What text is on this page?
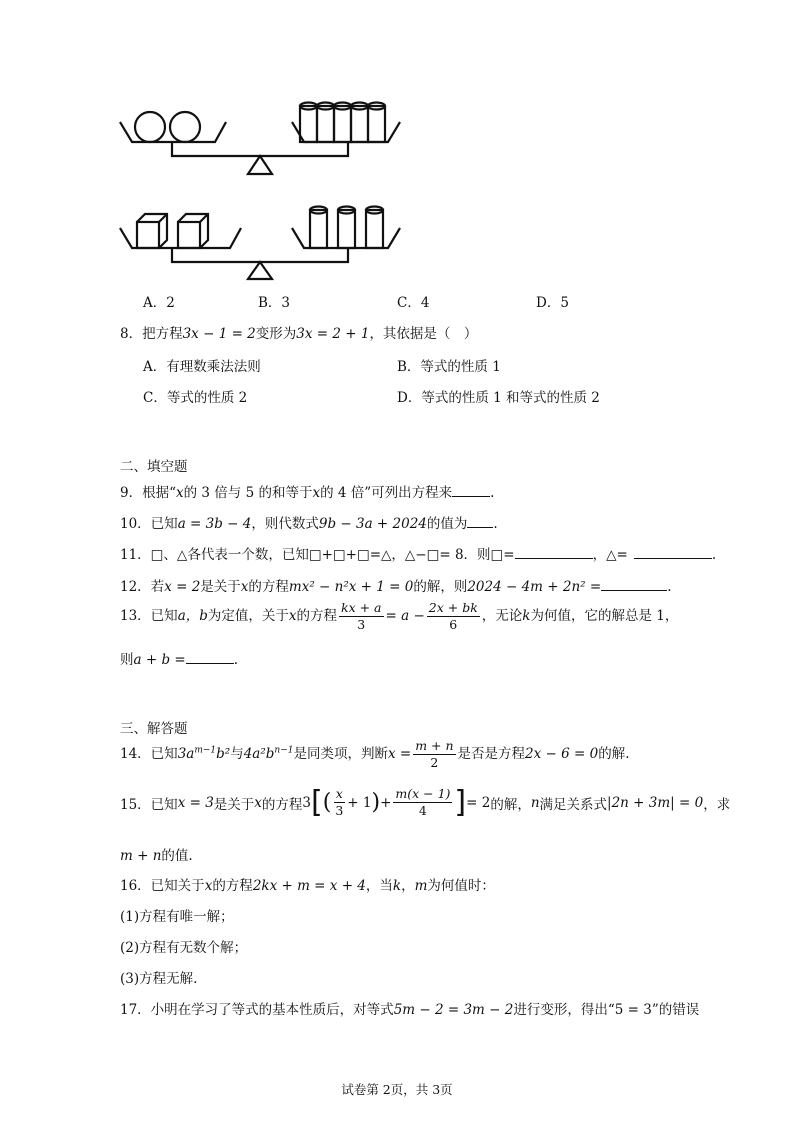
A．2	B．3	C．4	D．5
8．把方程3x − 1 = 2变形为3x = 2 + 1，其依据是（　）
A．有理数乘法法则	B．等式的性质 1
C．等式的性质 2	D．等式的性质 1 和等式的性质 2
二、填空题
9．根据“x的 3 倍与 5 的和等于x的 4 倍”可列出方程来	.
10．已知a = 3b − 4，则代数式9b − 3a + 2024的值为 .
11．□、△各代表一个数，已知□+□+□=△，△−□= 8．则□=	，△=	.
12．若x = 2是关于x的方程mx² − n²x + 1 = 0的解，则2024 − 4m + 2n² =	.
13．已知a，b为定值，关于x的方程 $\frac{kx + a}{3} = a - \frac{2x + bk}{6}$ ，无论k为何值，它的解总是 1，
则a + b =	.
三、解答题
14．已知$3a^{m-1}b^2$与$4a^2b^{n-1}$是同类项，判断$x = \frac{m + n}{2}$ 是否是方程2x − 6 = 0的解.
15．已知 x = 3 是关于 x 的方程 3 [ ( $\frac{x}{3} + 1$ ) + $\frac{m(x - 1)}{4}$ ] = 2 的解， n 满足关系式 |2n + 3m| = 0 ，求
m + n的值.
16．已知关于x的方程2kx + m = x + 4，当k，m为何值时：
(1)方程有唯一解；
(2)方程有无数个解；
(3)方程无解.
17．小明在学习了等式的基本性质后，对等式5m − 2 = 3m − 2进行变形，得出“5 = 3”的错误
试卷第 2页，共 3页
